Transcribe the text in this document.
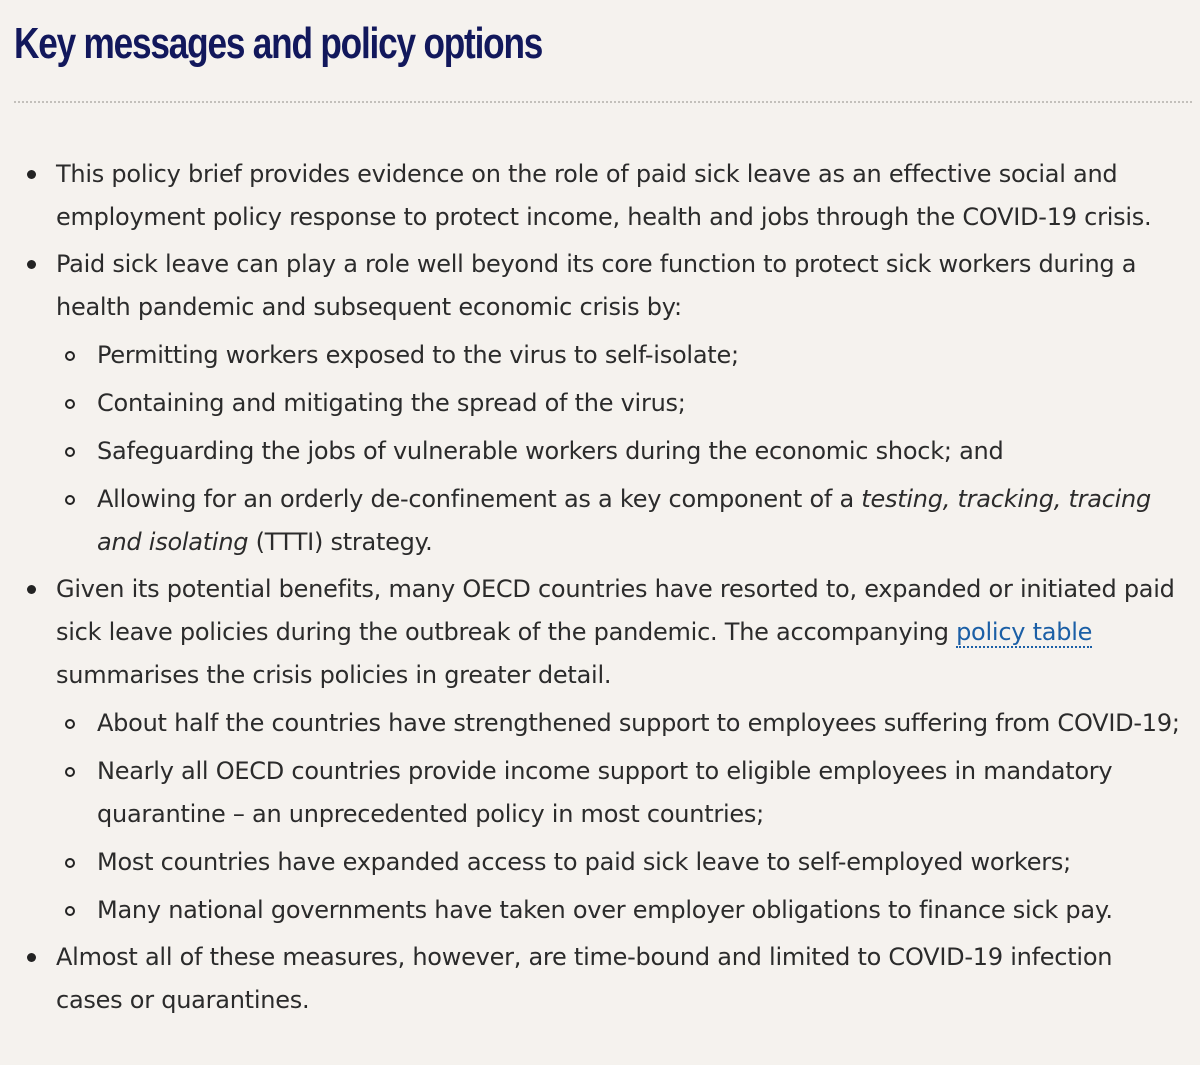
Key messages and policy options
This policy brief provides evidence on the role of paid sick leave as an effective social and employment policy response to protect income, health and jobs through the COVID-19 crisis.
Paid sick leave can play a role well beyond its core function to protect sick workers during a health pandemic and subsequent economic crisis by:
Permitting workers exposed to the virus to self-isolate;
Containing and mitigating the spread of the virus;
Safeguarding the jobs of vulnerable workers during the economic shock; and
Allowing for an orderly de-confinement as a key component of a testing, tracking, tracing and isolating (TTTI) strategy.
Given its potential benefits, many OECD countries have resorted to, expanded or initiated paid sick leave policies during the outbreak of the pandemic. The accompanying policy table summarises the crisis policies in greater detail.
About half the countries have strengthened support to employees suffering from COVID-19;
Nearly all OECD countries provide income support to eligible employees in mandatory quarantine – an unprecedented policy in most countries;
Most countries have expanded access to paid sick leave to self-employed workers;
Many national governments have taken over employer obligations to finance sick pay.
Almost all of these measures, however, are time-bound and limited to COVID-19 infection cases or quarantines.
